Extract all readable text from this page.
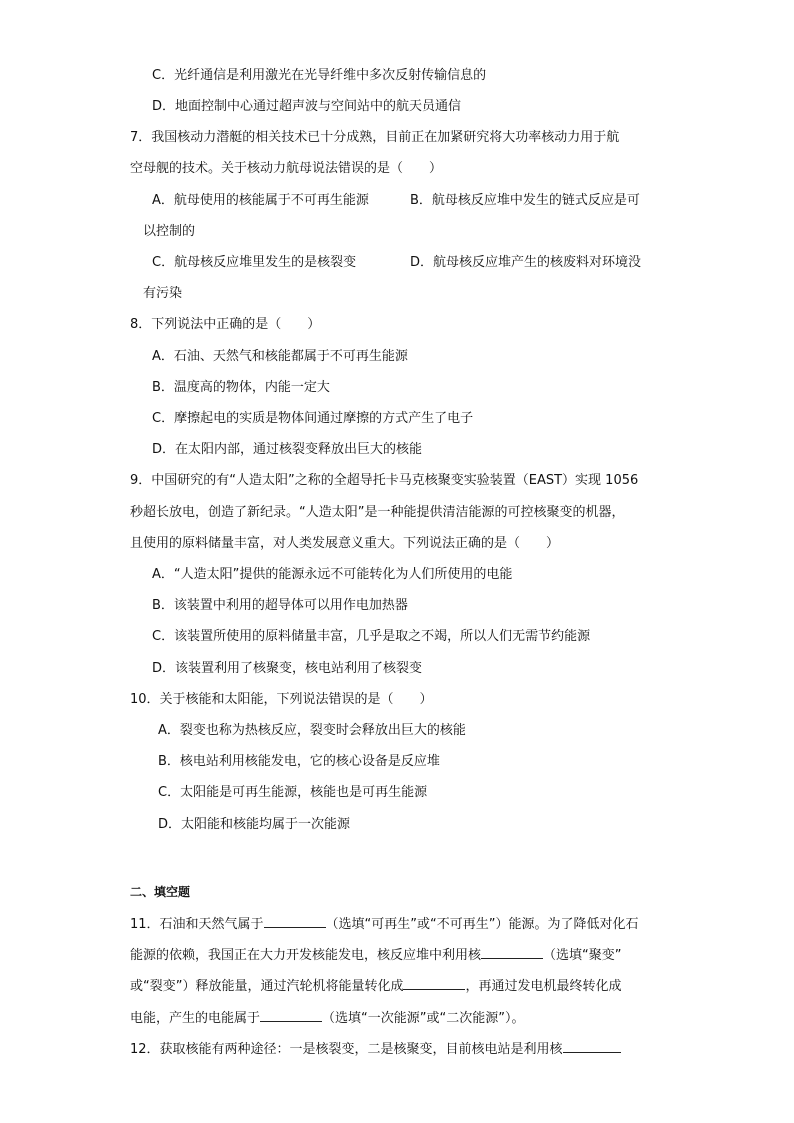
C．光纤通信是利用激光在光导纤维中多次反射传输信息的
D．地面控制中心通过超声波与空间站中的航天员通信
7．我国核动力潜艇的相关技术已十分成熟，目前正在加紧研究将大功率核动力用于航
空母舰的技术。关于核动力航母说法错误的是（　　）
A．航母使用的核能属于不可再生能源	B．航母核反应堆中发生的链式反应是可
以控制的
C．航母核反应堆里发生的是核裂变	D．航母核反应堆产生的核废料对环境没
有污染
8．下列说法中正确的是（　　）
A．石油、天然气和核能都属于不可再生能源
B．温度高的物体，内能一定大
C．摩擦起电的实质是物体间通过摩擦的方式产生了电子
D．在太阳内部，通过核裂变释放出巨大的核能
9．中国研究的有“人造太阳”之称的全超导托卡马克核聚变实验装置（EAST）实现 1056
秒超长放电，创造了新纪录。“人造太阳”是一种能提供清洁能源的可控核聚变的机器，
且使用的原料储量丰富，对人类发展意义重大。下列说法正确的是（　　）
A．“人造太阳”提供的能源永远不可能转化为人们所使用的电能
B．该装置中利用的超导体可以用作电加热器
C．该装置所使用的原料储量丰富，几乎是取之不竭，所以人们无需节约能源
D．该装置利用了核聚变，核电站利用了核裂变
10．关于核能和太阳能，下列说法错误的是（　　）
A．裂变也称为热核反应，裂变时会释放出巨大的核能
B．核电站利用核能发电，它的核心设备是反应堆
C．太阳能是可再生能源，核能也是可再生能源
D．太阳能和核能均属于一次能源
二、填空题
11．石油和天然气属于	（选填“可再生”或“不可再生”）能源。为了降低对化石
能源的依赖，我国正在大力开发核能发电，核反应堆中利用核	（选填“聚变”
或“裂变”）释放能量，通过汽轮机将能量转化成	，再通过发电机最终转化成
电能，产生的电能属于	（选填“一次能源”或“二次能源”）。
12．获取核能有两种途径：一是核裂变，二是核聚变，目前核电站是利用核
